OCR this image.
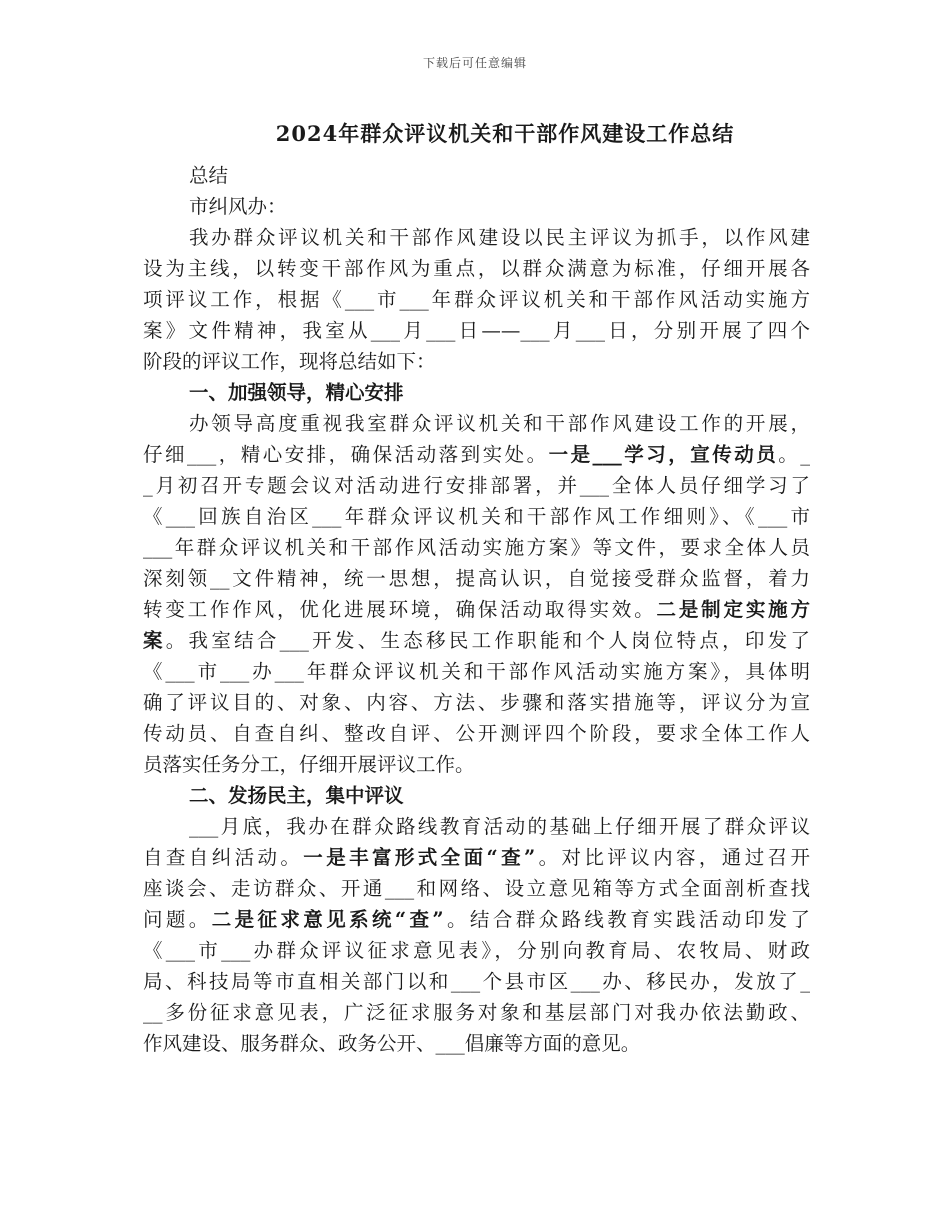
下载后可任意编辑
2024年群众评议机关和干部作风建设工作总结
总结
市纠风办：
我办群众评议机关和干部作风建设以民主评议为抓手，以作风建
设为主线，以转变干部作风为重点，以群众满意为标准，仔细开展各
项评议工作，根据《___市___年群众评议机关和干部作风活动实施方
案》文件精神，我室从___月___日——___月___日，分别开展了四个
阶段的评议工作，现将总结如下：
一、加强领导，精心安排
办领导高度重视我室群众评议机关和干部作风建设工作的开展，
仔细___，精心安排，确保活动落到实处。一是___学习，宣传动员。_
_月初召开专题会议对活动进行安排部署，并___全体人员仔细学习了
《___回族自治区___年群众评议机关和干部作风工作细则》、《___市
___年群众评议机关和干部作风活动实施方案》等文件，要求全体人员
深刻领__文件精神，统一思想，提高认识，自觉接受群众监督，着力
转变工作作风，优化进展环境，确保活动取得实效。二是制定实施方
案。我室结合___开发、生态移民工作职能和个人岗位特点，印发了
《___市___办___年群众评议机关和干部作风活动实施方案》，具体明
确了评议目的、对象、内容、方法、步骤和落实措施等，评议分为宣
传动员、自查自纠、整改自评、公开测评四个阶段，要求全体工作人
员落实任务分工，仔细开展评议工作。
二、发扬民主，集中评议
___月底，我办在群众路线教育活动的基础上仔细开展了群众评议
自查自纠活动。一是丰富形式全面“查”。对比评议内容，通过召开
座谈会、走访群众、开通___和网络、设立意见箱等方式全面剖析查找
问题。二是征求意见系统“查”。结合群众路线教育实践活动印发了
《___市___办群众评议征求意见表》，分别向教育局、农牧局、财政
局、科技局等市直相关部门以和___个县市区___办、移民办，发放了_
__多份征求意见表，广泛征求服务对象和基层部门对我办依法勤政、
作风建设、服务群众、政务公开、___倡廉等方面的意见。
